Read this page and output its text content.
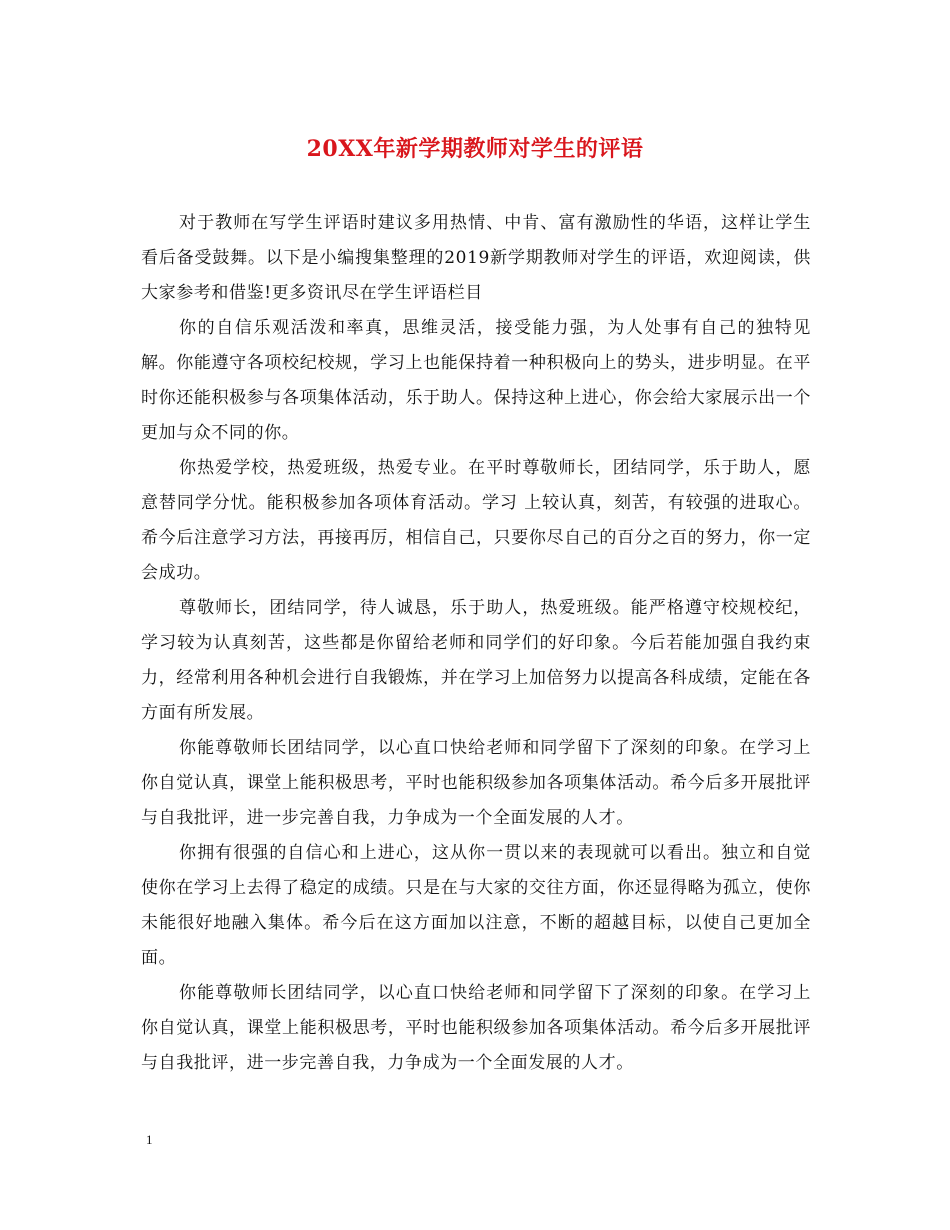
20XX年新学期教师对学生的评语

对于教师在写学生评语时建议多用热情、中肯、富有激励性的华语，这样让学生看后备受鼓舞。以下是小编搜集整理的2019新学期教师对学生的评语，欢迎阅读，供大家参考和借鉴!更多资讯尽在学生评语栏目

你的自信乐观活泼和率真，思维灵活，接受能力强，为人处事有自己的独特见解。你能遵守各项校纪校规，学习上也能保持着一种积极向上的势头，进步明显。在平时你还能积极参与各项集体活动，乐于助人。保持这种上进心，你会给大家展示出一个更加与众不同的你。

你热爱学校，热爱班级，热爱专业。在平时尊敬师长，团结同学，乐于助人，愿意替同学分忧。能积极参加各项体育活动。学习 上较认真，刻苦，有较强的进取心。希今后注意学习方法，再接再厉，相信自己，只要你尽自己的百分之百的努力，你一定会成功。

尊敬师长，团结同学，待人诚恳，乐于助人，热爱班级。能严格遵守校规校纪，学习较为认真刻苦，这些都是你留给老师和同学们的好印象。今后若能加强自我约束力，经常利用各种机会进行自我锻炼，并在学习上加倍努力以提高各科成绩，定能在各方面有所发展。

你能尊敬师长团结同学，以心直口快给老师和同学留下了深刻的印象。在学习上你自觉认真，课堂上能积极思考，平时也能积级参加各项集体活动。希今后多开展批评与自我批评，进一步完善自我，力争成为一个全面发展的人才。

你拥有很强的自信心和上进心，这从你一贯以来的表现就可以看出。独立和自觉使你在学习上去得了稳定的成绩。只是在与大家的交往方面，你还显得略为孤立，使你未能很好地融入集体。希今后在这方面加以注意，不断的超越目标，以使自己更加全面。

你能尊敬师长团结同学，以心直口快给老师和同学留下了深刻的印象。在学习上你自觉认真，课堂上能积极思考，平时也能积级参加各项集体活动。希今后多开展批评与自我批评，进一步完善自我，力争成为一个全面发展的人才。

1
